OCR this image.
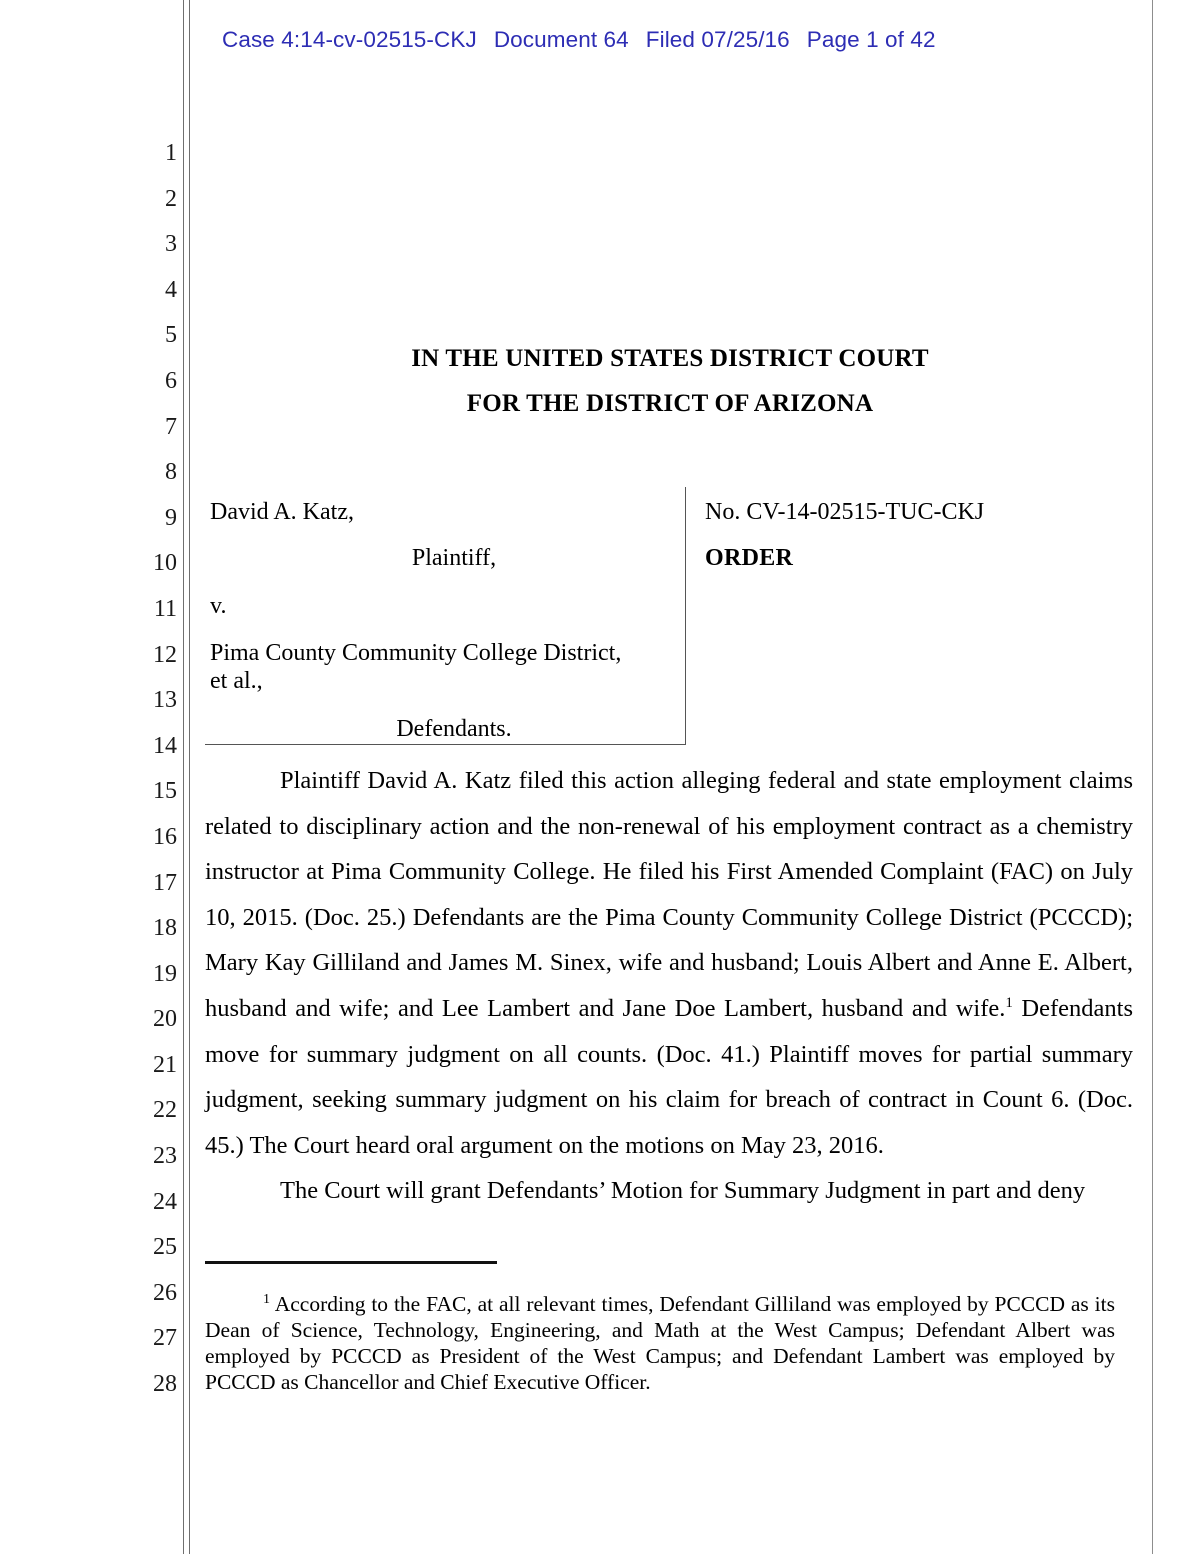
Case 4:14-cv-02515-CKJ Document 64 Filed 07/25/16 Page 1 of 42
1
2
3
4
5
6
7
8
9
10
11
12
13
14
15
16
17
18
19
20
21
22
23
24
25
26
27
28
IN THE UNITED STATES DISTRICT COURT
FOR THE DISTRICT OF ARIZONA
David A. Katz,
Plaintiff,
v.
Pima County Community College District,
et al.,
Defendants.
No. CV-14-02515-TUC-CKJ
ORDER

Plaintiff David A. Katz filed this action alleging federal and state employment claims related to disciplinary action and the non-renewal of his employment contract as a chemistry instructor at Pima Community College. He filed his First Amended Complaint (FAC) on July 10, 2015. (Doc. 25.) Defendants are the Pima County Community College District (PCCCD); Mary Kay Gilliland and James M. Sinex, wife and husband; Louis Albert and Anne E. Albert, husband and wife; and Lee Lambert and Jane Doe Lambert, husband and wife.$^1$ Defendants move for summary judgment on all counts. (Doc. 41.) Plaintiff moves for partial summary judgment, seeking summary judgment on his claim for breach of contract in Count 6. (Doc. 45.) The Court heard oral argument on the motions on May 23, 2016.

The Court will grant Defendants’ Motion for Summary Judgment in part and deny

$^1$ According to the FAC, at all relevant times, Defendant Gilliland was employed by PCCCD as its Dean of Science, Technology, Engineering, and Math at the West Campus; Defendant Albert was employed by PCCCD as President of the West Campus; and Defendant Lambert was employed by PCCCD as Chancellor and Chief Executive Officer.
